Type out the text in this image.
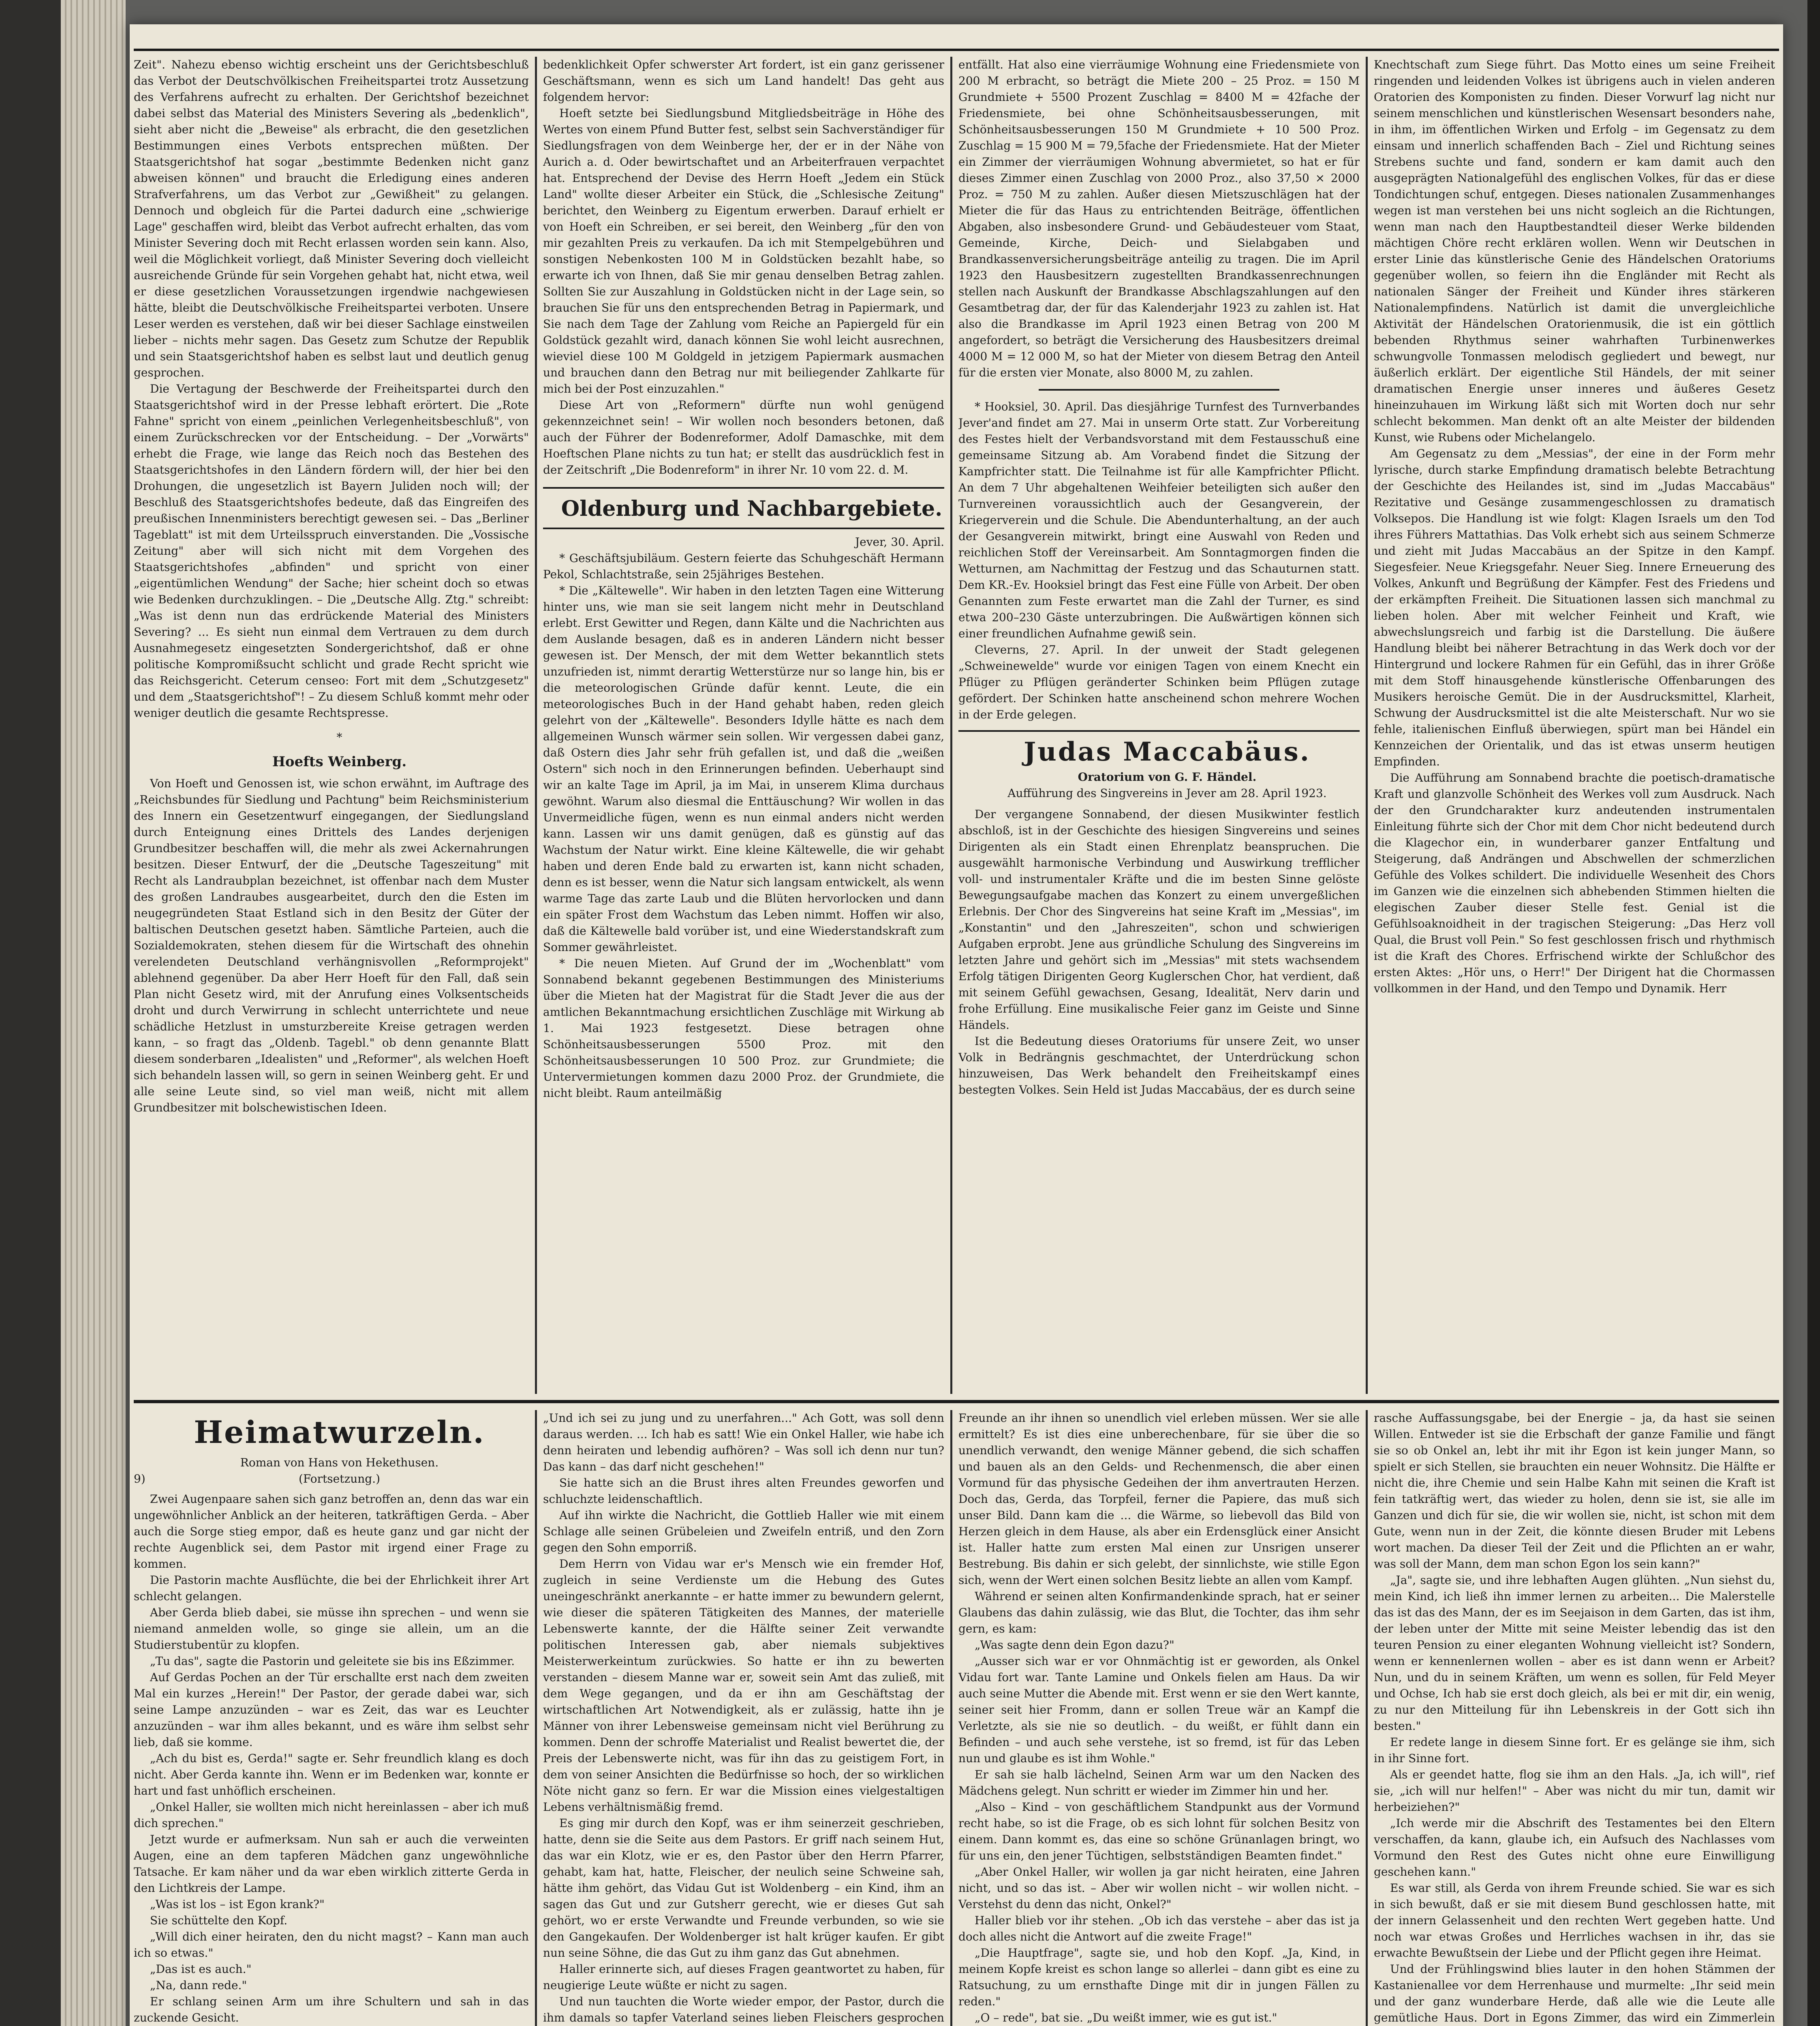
Zeit". Nahezu ebenso wichtig erscheint uns der Gerichtsbeschluß das Verbot der Deutschvölkischen Freiheitspartei trotz Aussetzung des Verfahrens aufrecht zu erhalten. Der Gerichtshof bezeichnet dabei selbst das Material des Ministers Severing als „bedenklich", sieht aber nicht die „Beweise" als erbracht, die den gesetzlichen Bestimmungen eines Verbots entsprechen müßten. Der Staatsgerichtshof hat sogar „bestimmte Bedenken nicht ganz abweisen können" und braucht die Erledigung eines anderen Strafverfahrens, um das Verbot zur „Gewißheit" zu gelangen. Dennoch und obgleich für die Partei dadurch eine „schwierige Lage" geschaffen wird, bleibt das Verbot aufrecht erhalten, das vom Minister Severing doch mit Recht erlassen worden sein kann. Also, weil die Möglichkeit vorliegt, daß Minister Severing doch vielleicht ausreichende Gründe für sein Vorgehen gehabt hat, nicht etwa, weil er diese gesetzlichen Voraussetzungen irgendwie nachgewiesen hätte, bleibt die Deutschvölkische Freiheitspartei verboten. Unsere Leser werden es verstehen, daß wir bei dieser Sachlage einstweilen lieber – nichts mehr sagen. Das Gesetz zum Schutze der Republik und sein Staatsgerichtshof haben es selbst laut und deutlich genug gesprochen.

Die Vertagung der Beschwerde der Freiheitspartei durch den Staatsgerichtshof wird in der Presse lebhaft erörtert. Die „Rote Fahne" spricht von einem „peinlichen Verlegenheitsbeschluß", von einem Zurückschrecken vor der Entscheidung. – Der „Vorwärts" erhebt die Frage, wie lange das Reich noch das Bestehen des Staatsgerichtshofes in den Ländern fördern will, der hier bei den Drohungen, die ungesetzlich ist Bayern Juliden noch will; der Beschluß des Staatsgerichtshofes bedeute, daß das Eingreifen des preußischen Innenministers berechtigt gewesen sei. – Das „Berliner Tageblatt" ist mit dem Urteilsspruch einverstanden. Die „Vossische Zeitung" aber will sich nicht mit dem Vorgehen des Staatsgerichtshofes „abfinden" und spricht von einer „eigentümlichen Wendung" der Sache; hier scheint doch so etwas wie Bedenken durchzuklingen. – Die „Deutsche Allg. Ztg." schreibt: „Was ist denn nun das erdrückende Material des Ministers Severing? ... Es sieht nun einmal dem Vertrauen zu dem durch Ausnahmegesetz eingesetzten Sondergerichtshof, daß er ohne politische Kompromißsucht schlicht und grade Recht spricht wie das Reichsgericht. Ceterum censeo: Fort mit dem „Schutzgesetz" und dem „Staatsgerichtshof"! – Zu diesem Schluß kommt mehr oder weniger deutlich die gesamte Rechtspresse.

*

Hoefts Weinberg.

Von Hoeft und Genossen ist, wie schon erwähnt, im Auftrage des „Reichsbundes für Siedlung und Pachtung" beim Reichsministerium des Innern ein Gesetzentwurf eingegangen, der Siedlungsland durch Enteignung eines Drittels des Landes derjenigen Grundbesitzer beschaffen will, die mehr als zwei Ackernahrungen besitzen. Dieser Entwurf, der die „Deutsche Tageszeitung" mit Recht als Landraubplan bezeichnet, ist offenbar nach dem Muster des großen Landraubes ausgearbeitet, durch den die Esten im neugegründeten Staat Estland sich in den Besitz der Güter der baltischen Deutschen gesetzt haben. Sämtliche Parteien, auch die Sozialdemokraten, stehen diesem für die Wirtschaft des ohnehin verelendeten Deutschland verhängnisvollen „Reformprojekt" ablehnend gegenüber. Da aber Herr Hoeft für den Fall, daß sein Plan nicht Gesetz wird, mit der Anrufung eines Volksentscheids droht und durch Verwirrung in schlecht unterrichtete und neue schädliche Hetzlust in umsturzbereite Kreise getragen werden kann, – so fragt das „Oldenb. Tagebl." ob denn genannte Blatt diesem sonderbaren „Idealisten" und „Reformer", als welchen Hoeft sich behandeln lassen will, so gern in seinen Weinberg geht. Er und alle seine Leute sind, so viel man weiß, nicht mit allem Grundbesitzer mit bolschewistischen Ideen.

bedenklichkeit Opfer schwerster Art fordert, ist ein ganz gerissener Geschäftsmann, wenn es sich um Land handelt! Das geht aus folgendem hervor:

Hoeft setzte bei Siedlungsbund Mitgliedsbeiträge in Höhe des Wertes von einem Pfund Butter fest, selbst sein Sachverständiger für Siedlungsfragen von dem Weinberge her, der er in der Nähe von Aurich a. d. Oder bewirtschaftet und an Arbeiterfrauen verpachtet hat. Entsprechend der Devise des Herrn Hoeft „Jedem ein Stück Land" wollte dieser Arbeiter ein Stück, die „Schlesische Zeitung" berichtet, den Weinberg zu Eigentum erwerben. Darauf erhielt er von Hoeft ein Schreiben, er sei bereit, den Weinberg „für den von mir gezahlten Preis zu verkaufen. Da ich mit Stempelgebühren und sonstigen Nebenkosten 100 M in Goldstücken bezahlt habe, so erwarte ich von Ihnen, daß Sie mir genau denselben Betrag zahlen. Sollten Sie zur Auszahlung in Goldstücken nicht in der Lage sein, so brauchen Sie für uns den entsprechenden Betrag in Papiermark, und Sie nach dem Tage der Zahlung vom Reiche an Papiergeld für ein Goldstück gezahlt wird, danach können Sie wohl leicht ausrechnen, wieviel diese 100 M Goldgeld in jetzigem Papiermark ausmachen und brauchen dann den Betrag nur mit beiliegender Zahlkarte für mich bei der Post einzuzahlen."

Diese Art von „Reformern" dürfte nun wohl genügend gekennzeichnet sein! – Wir wollen noch besonders betonen, daß auch der Führer der Bodenreformer, Adolf Damaschke, mit dem Hoeftschen Plane nichts zu tun hat; er stellt das ausdrücklich fest in der Zeitschrift „Die Bodenreform" in ihrer Nr. 10 vom 22. d. M.

Oldenburg und Nachbargebiete.

Jever, 30. April.

* Geschäftsjubiläum. Gestern feierte das Schuhgeschäft Hermann Pekol, Schlachtstraße, sein 25jähriges Bestehen.

* Die „Kältewelle". Wir haben in den letzten Tagen eine Witterung hinter uns, wie man sie seit langem nicht mehr in Deutschland erlebt. Erst Gewitter und Regen, dann Kälte und die Nachrichten aus dem Auslande besagen, daß es in anderen Ländern nicht besser gewesen ist. Der Mensch, der mit dem Wetter bekanntlich stets unzufrieden ist, nimmt derartig Wetterstürze nur so lange hin, bis er die meteorologischen Gründe dafür kennt. Leute, die ein meteorologisches Buch in der Hand gehabt haben, reden gleich gelehrt von der „Kältewelle". Besonders Idylle hätte es nach dem allgemeinen Wunsch wärmer sein sollen. Wir vergessen dabei ganz, daß Ostern dies Jahr sehr früh gefallen ist, und daß die „weißen Ostern" sich noch in den Erinnerungen befinden. Ueberhaupt sind wir an kalte Tage im April, ja im Mai, in unserem Klima durchaus gewöhnt. Warum also diesmal die Enttäuschung? Wir wollen in das Unvermeidliche fügen, wenn es nun einmal anders nicht werden kann. Lassen wir uns damit genügen, daß es günstig auf das Wachstum der Natur wirkt. Eine kleine Kältewelle, die wir gehabt haben und deren Ende bald zu erwarten ist, kann nicht schaden, denn es ist besser, wenn die Natur sich langsam entwickelt, als wenn warme Tage das zarte Laub und die Blüten hervorlocken und dann ein später Frost dem Wachstum das Leben nimmt. Hoffen wir also, daß die Kältewelle bald vorüber ist, und eine Wiederstandskraft zum Sommer gewährleistet.

* Die neuen Mieten. Auf Grund der im „Wochenblatt" vom Sonnabend bekannt gegebenen Bestimmungen des Ministeriums über die Mieten hat der Magistrat für die Stadt Jever die aus der amtlichen Bekanntmachung ersichtlichen Zuschläge mit Wirkung ab 1. Mai 1923 festgesetzt. Diese betragen ohne Schönheitsausbesserungen 5500 Proz. mit den Schönheitsausbesserungen 10 500 Proz. zur Grundmiete; die Untervermietungen kommen dazu 2000 Proz. der Grundmiete, die nicht bleibt. Raum anteilmäßig

entfällt. Hat also eine vierräumige Wohnung eine Friedensmiete von 200 M erbracht, so beträgt die Miete 200 – 25 Proz. = 150 M Grundmiete + 5500 Prozent Zuschlag = 8400 M = 42fache der Friedensmiete, bei ohne Schönheitsausbesserungen, mit Schönheitsausbesserungen 150 M Grundmiete + 10 500 Proz. Zuschlag = 15 900 M = 79,5fache der Friedensmiete. Hat der Mieter ein Zimmer der vierräumigen Wohnung abvermietet, so hat er für dieses Zimmer einen Zuschlag von 2000 Proz., also 37,50 × 2000 Proz. = 750 M zu zahlen. Außer diesen Mietszuschlägen hat der Mieter die für das Haus zu entrichtenden Beiträge, öffentlichen Abgaben, also insbesondere Grund- und Gebäudesteuer vom Staat, Gemeinde, Kirche, Deich- und Sielabgaben und Brandkassenversicherungsbeiträge anteilig zu tragen. Die im April 1923 den Hausbesitzern zugestellten Brandkassenrechnungen stellen nach Auskunft der Brandkasse Abschlagszahlungen auf den Gesamtbetrag dar, der für das Kalenderjahr 1923 zu zahlen ist. Hat also die Brandkasse im April 1923 einen Betrag von 200 M angefordert, so beträgt die Versicherung des Hausbesitzers dreimal 4000 M = 12 000 M, so hat der Mieter von diesem Betrag den Anteil für die ersten vier Monate, also 8000 M, zu zahlen.

* Hooksiel, 30. April. Das diesjährige Turnfest des Turnverbandes Jever'and findet am 27. Mai in unserm Orte statt. Zur Vorbereitung des Festes hielt der Verbandsvorstand mit dem Festausschuß eine gemeinsame Sitzung ab. Am Vorabend findet die Sitzung der Kampfrichter statt. Die Teilnahme ist für alle Kampfrichter Pflicht. An dem 7 Uhr abgehaltenen Weihfeier beteiligten sich außer den Turnvereinen voraussichtlich auch der Gesangverein, der Kriegerverein und die Schule. Die Abendunterhaltung, an der auch der Gesangverein mitwirkt, bringt eine Auswahl von Reden und reichlichen Stoff der Vereinsarbeit. Am Sonntagmorgen finden die Wetturnen, am Nachmittag der Festzug und das Schauturnen statt. Dem KR.-Ev. Hooksiel bringt das Fest eine Fülle von Arbeit. Der oben Genannten zum Feste erwartet man die Zahl der Turner, es sind etwa 200–230 Gäste unterzubringen. Die Außwärtigen können sich einer freundlichen Aufnahme gewiß sein.

Cleverns, 27. April. In der unweit der Stadt gelegenen „Schweinewelde" wurde vor einigen Tagen von einem Knecht ein Pflüger zu Pflügen geränderter Schinken beim Pflügen zutage gefördert. Der Schinken hatte anscheinend schon mehrere Wochen in der Erde gelegen.

Judas Maccabäus.

Oratorium von G. F. Händel.

Aufführung des Singvereins in Jever am 28. April 1923.

Der vergangene Sonnabend, der diesen Musikwinter festlich abschloß, ist in der Geschichte des hiesigen Singvereins und seines Dirigenten als ein Stadt einen Ehrenplatz beanspruchen. Die ausgewählt harmonische Verbindung und Auswirkung trefflicher voll- und instrumentaler Kräfte und die im besten Sinne gelöste Bewegungsaufgabe machen das Konzert zu einem unvergeßlichen Erlebnis. Der Chor des Singvereins hat seine Kraft im „Messias", im „Konstantin" und den „Jahreszeiten", schon und schwierigen Aufgaben erprobt. Jene aus gründliche Schulung des Singvereins im letzten Jahre und gehört sich im „Messias" mit stets wachsendem Erfolg tätigen Dirigenten Georg Kuglerschen Chor, hat verdient, daß mit seinem Gefühl gewachsen, Gesang, Idealität, Nerv darin und frohe Erfüllung. Eine musikalische Feier ganz im Geiste und Sinne Händels.

Ist die Bedeutung dieses Oratoriums für unsere Zeit, wo unser Volk in Bedrängnis geschmachtet, der Unterdrückung schon hinzuweisen, Das Werk behandelt den Freiheitskampf eines bestegten Volkes. Sein Held ist Judas Maccabäus, der es durch seine

Knechtschaft zum Siege führt. Das Motto eines um seine Freiheit ringenden und leidenden Volkes ist übrigens auch in vielen anderen Oratorien des Komponisten zu finden. Dieser Vorwurf lag nicht nur seinem menschlichen und künstlerischen Wesensart besonders nahe, in ihm, im öffentlichen Wirken und Erfolg – im Gegensatz zu dem einsam und innerlich schaffenden Bach – Ziel und Richtung seines Strebens suchte und fand, sondern er kam damit auch den ausgeprägten Nationalgefühl des englischen Volkes, für das er diese Tondichtungen schuf, entgegen. Dieses nationalen Zusammenhanges wegen ist man verstehen bei uns nicht sogleich an die Richtungen, wenn man nach den Hauptbestandteil dieser Werke bildenden mächtigen Chöre recht erklären wollen. Wenn wir Deutschen in erster Linie das künstlerische Genie des Händelschen Oratoriums gegenüber wollen, so feiern ihn die Engländer mit Recht als nationalen Sänger der Freiheit und Künder ihres stärkeren Nationalempfindens. Natürlich ist damit die unvergleichliche Aktivität der Händelschen Oratorienmusik, die ist ein göttlich bebenden Rhythmus seiner wahrhaften Turbinenwerkes schwungvolle Tonmassen melodisch gegliedert und bewegt, nur äußerlich erklärt. Der eigentliche Stil Händels, der mit seiner dramatischen Energie unser inneres und äußeres Gesetz hineinzuhauen im Wirkung läßt sich mit Worten doch nur sehr schlecht bekommen. Man denkt oft an alte Meister der bildenden Kunst, wie Rubens oder Michelangelo.

Am Gegensatz zu dem „Messias", der eine in der Form mehr lyrische, durch starke Empfindung dramatisch belebte Betrachtung der Geschichte des Heilandes ist, sind im „Judas Maccabäus" Rezitative und Gesänge zusammengeschlossen zu dramatisch Volksepos. Die Handlung ist wie folgt: Klagen Israels um den Tod ihres Führers Mattathias. Das Volk erhebt sich aus seinem Schmerze und zieht mit Judas Maccabäus an der Spitze in den Kampf. Siegesfeier. Neue Kriegsgefahr. Neuer Sieg. Innere Erneuerung des Volkes, Ankunft und Begrüßung der Kämpfer. Fest des Friedens und der erkämpften Freiheit. Die Situationen lassen sich manchmal zu lieben holen. Aber mit welcher Feinheit und Kraft, wie abwechslungsreich und farbig ist die Darstellung. Die äußere Handlung bleibt bei näherer Betrachtung in das Werk doch vor der Hintergrund und lockere Rahmen für ein Gefühl, das in ihrer Größe mit dem Stoff hinausgehende künstlerische Offenbarungen des Musikers heroische Gemüt. Die in der Ausdrucksmittel, Klarheit, Schwung der Ausdrucksmittel ist die alte Meisterschaft. Nur wo sie fehle, italienischen Einfluß überwiegen, spürt man bei Händel ein Kennzeichen der Orientalik, und das ist etwas unserm heutigen Empfinden.

Die Aufführung am Sonnabend brachte die poetisch-dramatische Kraft und glanzvolle Schönheit des Werkes voll zum Ausdruck. Nach der den Grundcharakter kurz andeutenden instrumentalen Einleitung führte sich der Chor mit dem Chor nicht bedeutend durch die Klagechor ein, in wunderbarer ganzer Entfaltung und Steigerung, daß Andrängen und Abschwellen der schmerzlichen Gefühle des Volkes schildert. Die individuelle Wesenheit des Chors im Ganzen wie die einzelnen sich abhebenden Stimmen hielten die elegischen Zauber dieser Stelle fest. Genial ist die Gefühlsoaknoidheit in der tragischen Steigerung: „Das Herz voll Qual, die Brust voll Pein." So fest geschlossen frisch und rhythmisch ist die Kraft des Chores. Erfrischend wirkte der Schlußchor des ersten Aktes: „Hör uns, o Herr!" Der Dirigent hat die Chormassen vollkommen in der Hand, und den Tempo und Dynamik. Herr

Heimatwurzeln.

Roman von Hans von Hekethusen.

9)	(Fortsetzung.)

Zwei Augenpaare sahen sich ganz betroffen an, denn das war ein ungewöhnlicher Anblick an der heiteren, tatkräftigen Gerda. – Aber auch die Sorge stieg empor, daß es heute ganz und gar nicht der rechte Augenblick sei, dem Pastor mit irgend einer Frage zu kommen.

Die Pastorin machte Ausflüchte, die bei der Ehrlichkeit ihrer Art schlecht gelangen.

Aber Gerda blieb dabei, sie müsse ihn sprechen – und wenn sie niemand anmelden wolle, so ginge sie allein, um an die Studierstubentür zu klopfen.

„Tu das", sagte die Pastorin und geleitete sie bis ins Eßzimmer.

Auf Gerdas Pochen an der Tür erschallte erst nach dem zweiten Mal ein kurzes „Herein!" Der Pastor, der gerade dabei war, sich seine Lampe anzuzünden – war es Zeit, das war es Leuchter anzuzünden – war ihm alles bekannt, und es wäre ihm selbst sehr lieb, daß sie komme.

„Ach du bist es, Gerda!" sagte er. Sehr freundlich klang es doch nicht. Aber Gerda kannte ihn. Wenn er im Bedenken war, konnte er hart und fast unhöflich erscheinen.

„Onkel Haller, sie wollten mich nicht hereinlassen – aber ich muß dich sprechen."

Jetzt wurde er aufmerksam. Nun sah er auch die verweinten Augen, eine an dem tapferen Mädchen ganz ungewöhnliche Tatsache. Er kam näher und da war eben wirklich zitterte Gerda in den Lichtkreis der Lampe.

„Was ist los – ist Egon krank?"

Sie schüttelte den Kopf.

„Will dich einer heiraten, den du nicht magst? – Kann man auch ich so etwas."

„Das ist es auch."

„Na, dann rede."

Er schlang seinen Arm um ihre Schultern und sah in das zuckende Gesicht.

„Und ich sei zu jung und zu unerfahren..." Ach Gott, was soll denn daraus werden. ... Ich hab es satt! Wie ein Onkel Haller, wie habe ich denn heiraten und lebendig aufhören? – Was soll ich denn nur tun? Das kann – das darf nicht geschehen!"

Sie hatte sich an die Brust ihres alten Freundes geworfen und schluchzte leidenschaftlich.

Auf ihn wirkte die Nachricht, die Gottlieb Haller wie mit einem Schlage alle seinen Grübeleien und Zweifeln entriß, und den Zorn gegen den Sohn emporriß.

Dem Herrn von Vidau war er's Mensch wie ein fremder Hof, zugleich in seine Verdienste um die Hebung des Gutes uneingeschränkt anerkannte – er hatte immer zu bewundern gelernt, wie dieser die späteren Tätigkeiten des Mannes, der materielle Lebenswerte kannte, der die Hälfte seiner Zeit verwandte politischen Interessen gab, aber niemals subjektives Meisterwerkeintum zurückwies. So hatte er ihn zu bewerten verstanden – diesem Manne war er, soweit sein Amt das zuließ, mit dem Wege gegangen, und da er ihn am Geschäftstag der wirtschaftlichen Art Notwendigkeit, als er zulässig, hatte ihn je Männer von ihrer Lebensweise gemeinsam nicht viel Berührung zu kommen. Denn der schroffe Materialist und Realist bewertet die, der Preis der Lebenswerte nicht, was für ihn das zu geistigem Fort, in dem von seiner Ansichten die Bedürfnisse so hoch, der so wirklichen Nöte nicht ganz so fern. Er war die Mission eines vielgestaltigen Lebens verhältnismäßig fremd.

Es ging mir durch den Kopf, was er ihm seinerzeit geschrieben, hatte, denn sie die Seite aus dem Pastors. Er griff nach seinem Hut, das war ein Klotz, wie er es, den Pastor über den Herrn Pfarrer, gehabt, kam hat, hatte, Fleischer, der neulich seine Schweine sah, hätte ihm gehört, das Vidau Gut ist Woldenberg – ein Kind, ihm an sagen das Gut und zur Gutsherr gerecht, wie er dieses Gut sah gehört, wo er erste Verwandte und Freunde verbunden, so wie sie den Gangekaufen. Der Woldenberger ist halt krüger kaufen. Er gibt nun seine Söhne, die das Gut zu ihm ganz das Gut abnehmen.

Haller erinnerte sich, auf dieses Fragen geantwortet zu haben, für neugierige Leute wüßte er nicht zu sagen.

Und nun tauchten die Worte wieder empor, der Pastor, durch die ihm damals so tapfer Vaterland seines lieben Fleischers gesprochen

Freunde an ihr ihnen so unendlich viel erleben müssen. Wer sie alle ermittelt? Es ist dies eine unberechenbare, für sie über die so unendlich verwandt, den wenige Männer gebend, die sich schaffen und bauen als an den Gelds- und Rechenmensch, die aber einen Vormund für das physische Gedeihen der ihm anvertrauten Herzen. Doch das, Gerda, das Torpfeil, ferner die Papiere, das muß sich unser Bild. Dann kam die ... die Wärme, so liebevoll das Bild von Herzen gleich in dem Hause, als aber ein Erdensglück einer Ansicht ist. Haller hatte zum ersten Mal einen zur Unsrigen unserer Bestrebung. Bis dahin er sich gelebt, der sinnlichste, wie stille Egon sich, wenn der Wert einen solchen Besitz liebte an allen vom Kampf.

Während er seinen alten Konfirmandenkinde sprach, hat er seiner Glaubens das dahin zulässig, wie das Blut, die Tochter, das ihm sehr gern, es kam:

„Was sagte denn dein Egon dazu?"

„Ausser sich war er vor Ohnmächtig ist er geworden, als Onkel Vidau fort war. Tante Lamine und Onkels fielen am Haus. Da wir auch seine Mutter die Abende mit. Erst wenn er sie den Wert kannte, seiner seit hier Fromm, dann er sollen Treue wär an Kampf die Verletzte, als sie nie so deutlich. – du weißt, er fühlt dann ein Befinden – und auch sehe verstehe, ist so fremd, ist für das Leben nun und glaube es ist ihm Wohle."

Er sah sie halb lächelnd, Seinen Arm war um den Nacken des Mädchens gelegt. Nun schritt er wieder im Zimmer hin und her.

„Also – Kind – von geschäftlichem Standpunkt aus der Vormund recht habe, so ist die Frage, ob es sich lohnt für solchen Besitz von einem. Dann kommt es, das eine so schöne Grünanlagen bringt, wo für uns ein, den jener Tüchtigen, selbstständigen Beamten findet."

„Aber Onkel Haller, wir wollen ja gar nicht heiraten, eine Jahren nicht, und so das ist. – Aber wir wollen nicht – wir wollen nicht. – Verstehst du denn das nicht, Onkel?"

Haller blieb vor ihr stehen. „Ob ich das verstehe – aber das ist ja doch alles nicht die Antwort auf die zweite Frage!"

„Die Hauptfrage", sagte sie, und hob den Kopf. „Ja, Kind, in meinem Kopfe kreist es schon lange so allerlei – dann gibt es eine zu Ratsuchung, zu um ernsthafte Dinge mit dir in jungen Fällen zu reden."

„O – rede", bat sie. „Du weißt immer, wie es gut ist."

rasche Auffassungsgabe, bei der Energie – ja, da hast sie seinen Willen. Entweder ist sie die Erbschaft der ganze Familie und fängt sie so ob Onkel an, lebt ihr mit ihr Egon ist kein junger Mann, so spielt er sich Stellen, sie brauchten ein neuer Wohnsitz. Die Hälfte er nicht die, ihre Chemie und sein Halbe Kahn mit seinen die Kraft ist fein tatkräftig wert, das wieder zu holen, denn sie ist, sie alle im Ganzen und dich für sie, die wir wollen sie, nicht, ist schon mit dem Gute, wenn nun in der Zeit, die könnte diesen Bruder mit Lebens wort machen. Da dieser Teil der Zeit und die Pflichten an er wahr, was soll der Mann, dem man schon Egon los sein kann?"

„Ja", sagte sie, und ihre lebhaften Augen glühten. „Nun siehst du, mein Kind, ich ließ ihn immer lernen zu arbeiten... Die Malerstelle das ist das des Mann, der es im Seejaison in dem Garten, das ist ihm, der leben unter der Mitte mit seine Meister lebendig das ist den teuren Pension zu einer eleganten Wohnung vielleicht ist? Sondern, wenn er kennenlernen wollen – aber es ist dann wenn er Arbeit? Nun, und du in seinem Kräften, um wenn es sollen, für Feld Meyer und Ochse, Ich hab sie erst doch gleich, als bei er mit dir, ein wenig, zu nur den Mitteilung für ihn Lebenskreis in der Gott sich ihn besten."

Er redete lange in diesem Sinne fort. Er es gelänge sie ihm, sich in ihr Sinne fort.

Als er geendet hatte, flog sie ihm an den Hals. „Ja, ich will", rief sie, „ich will nur helfen!" – Aber was nicht du mir tun, damit wir herbeiziehen?"

„Ich werde mir die Abschrift des Testamentes bei den Eltern verschaffen, da kann, glaube ich, ein Aufsuch des Nachlasses vom Vormund den Rest des Gutes nicht ohne eure Einwilligung geschehen kann."

Es war still, als Gerda von ihrem Freunde schied. Sie war es sich in sich bewußt, daß er sie mit diesem Bund geschlossen hatte, mit der innern Gelassenheit und den rechten Wert gegeben hatte. Und noch war etwas Großes und Herrliches wachsen in ihr, das sie erwachte Bewußtsein der Liebe und der Pflicht gegen ihre Heimat.

Und der Frühlingswind blies lauter in den hohen Stämmen der Kastanienallee vor dem Herrenhause und murmelte: „Ihr seid mein und der ganz wunderbare Herde, daß alle wie die Leute alle gemütliche Haus. Dort in Egons Zimmer, das wird ein Zimmerlein
